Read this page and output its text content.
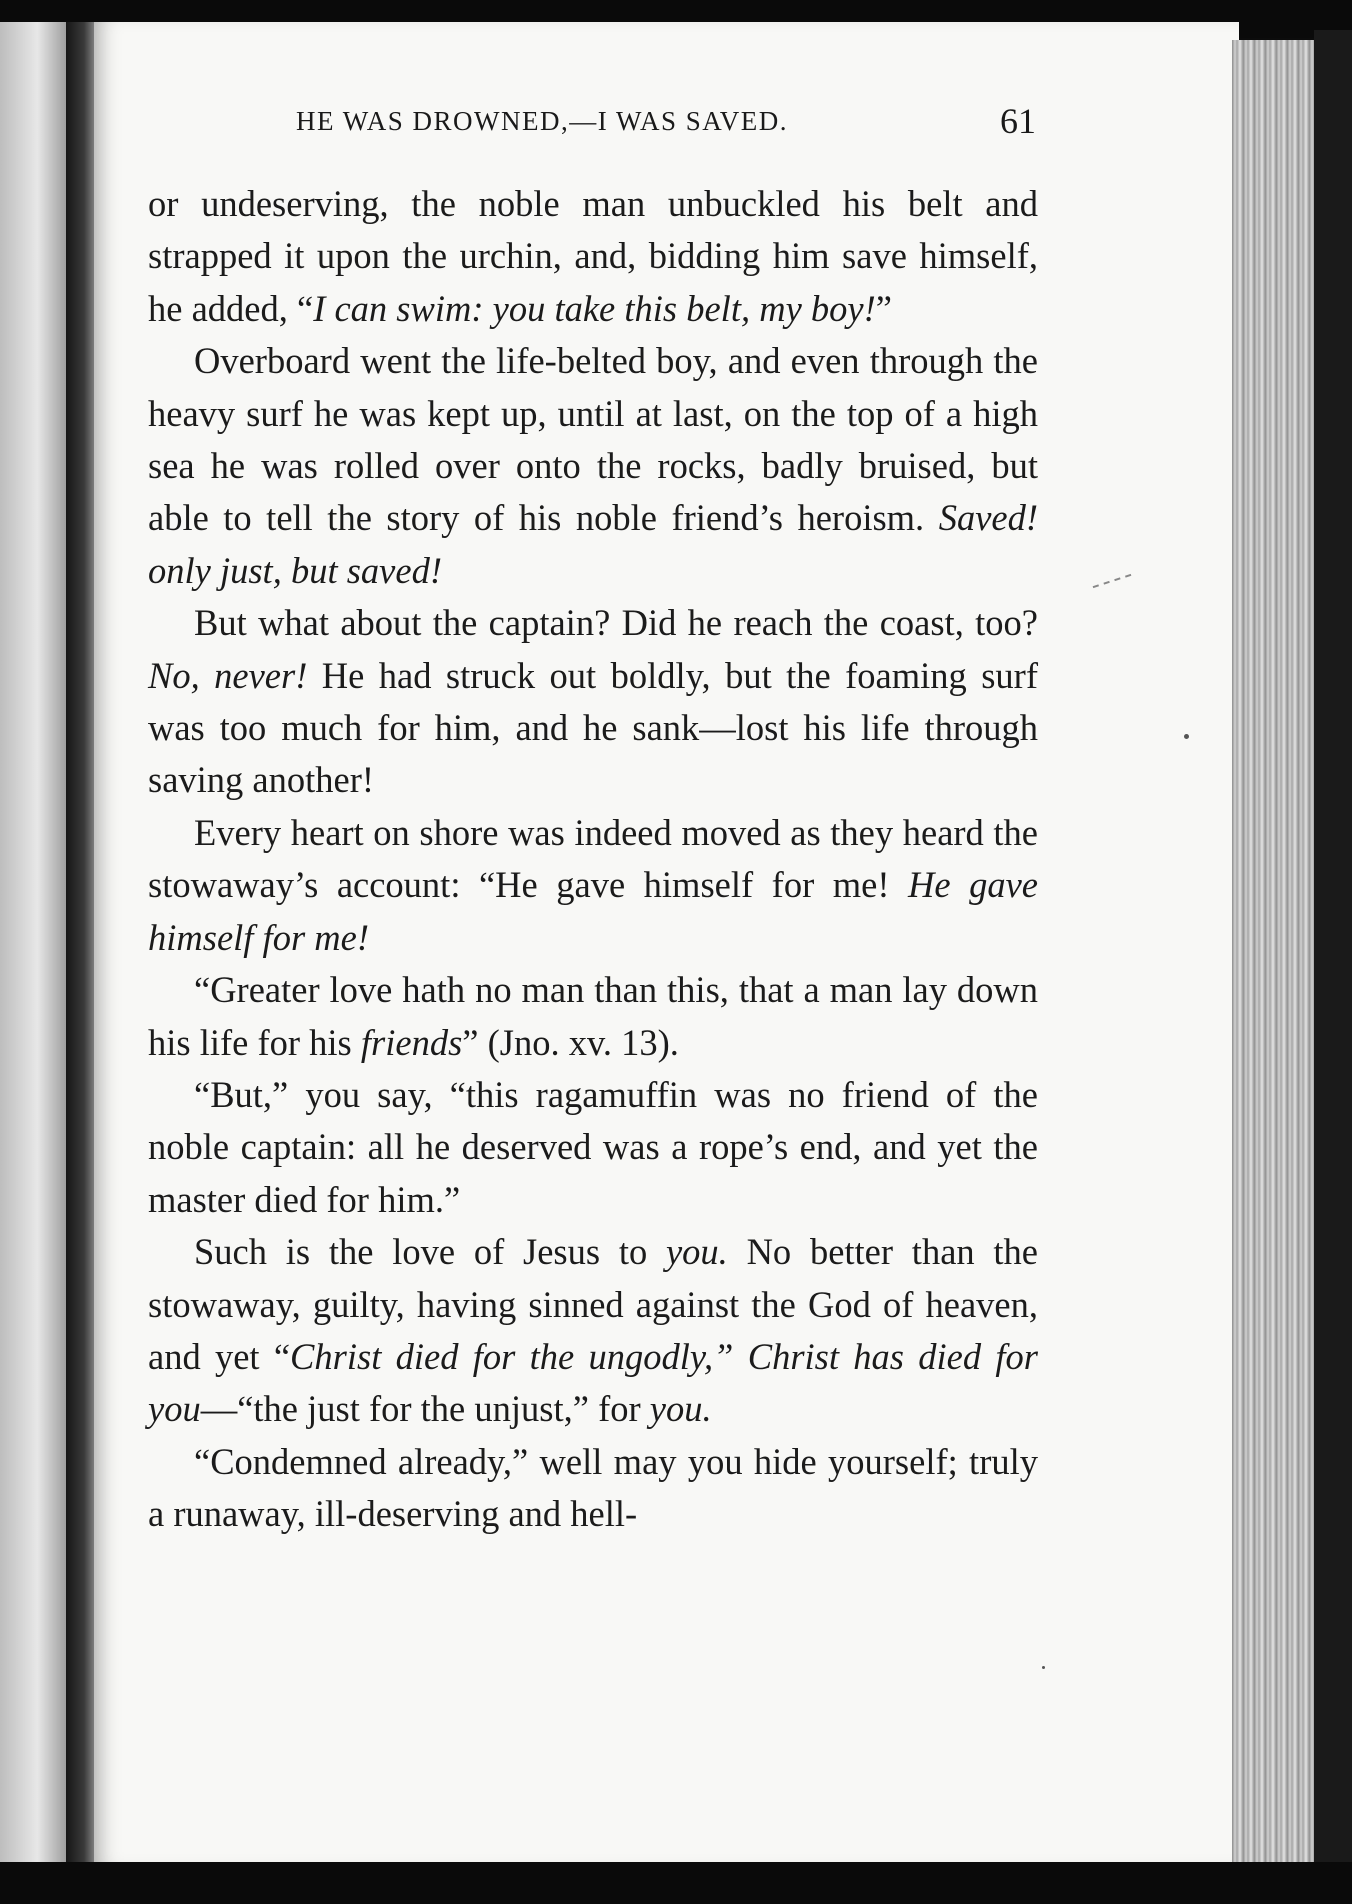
HE WAS DROWNED,—I WAS SAVED.	61

or undeserving, the noble man unbuckled his belt and strapped it upon the urchin, and, bidding him save himself, he added, “I can swim: you take this belt, my boy!”

Overboard went the life-belted boy, and even through the heavy surf he was kept up, until at last, on the top of a high sea he was rolled over onto the rocks, badly bruised, but able to tell the story of his noble friend’s heroism. Saved! only just, but saved!

But what about the captain? Did he reach the coast, too? No, never! He had struck out boldly, but the foaming surf was too much for him, and he sank—lost his life through saving another!

Every heart on shore was indeed moved as they heard the stowaway’s account: “He gave himself for me! He gave himself for me!

“Greater love hath no man than this, that a man lay down his life for his friends” (Jno. xv. 13).

“But,” you say, “this ragamuffin was no friend of the noble captain: all he deserved was a rope’s end, and yet the master died for him.”

Such is the love of Jesus to you. No better than the stowaway, guilty, having sinned against the God of heaven, and yet “Christ died for the ungodly,” Christ has died for you—“the just for the unjust,” for you.

“Condemned already,” well may you hide yourself; truly a runaway, ill-deserving and hell-
